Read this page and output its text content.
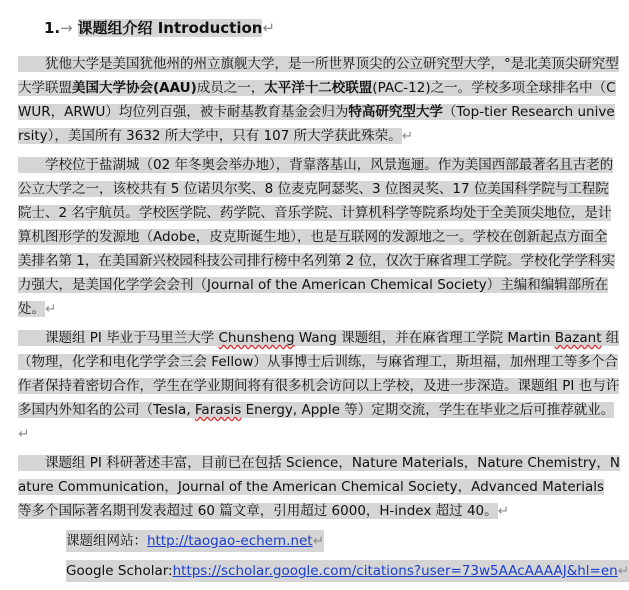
1.→ 课题组介绍 Introduction↵

　　犹他大学是美国犹他州的州立旗舰大学，是一所世界顶尖的公立研究型大学，°是北美顶尖研究型大学联盟美国大学协会(AAU)成员之一，太平洋十二校联盟(PAC-12)之一。学校多项全球排名中（CWUR，ARWU）均位列百强，被卡耐基教育基金会归为特高研究型大学（Top-tier Research university），美国所有 3632 所大学中，只有 107 所大学获此殊荣。↵

　　学校位于盐湖城（02 年冬奥会举办地），背靠落基山，风景迤逦。作为美国西部最著名且古老的公立大学之一，该校共有 5 位诺贝尔奖、8 位麦克阿瑟奖、3 位图灵奖、17 位美国科学院与工程院院士、2 名宇航员。学校医学院、药学院、音乐学院、计算机科学等院系均处于全美顶尖地位，是计算机图形学的发源地（Adobe，皮克斯诞生地），也是互联网的发源地之一。学校在创新起点方面全美排名第 1，在美国新兴校园科技公司排行榜中名列第 2 位，仅次于麻省理工学院。学校化学学科实力强大，是美国化学学会会刊（Journal of the American Chemical Society）主编和编辑部所在处。↵

　　课题组 PI 毕业于马里兰大学 Chunsheng Wang 课题组，并在麻省理工学院 Martin Bazant 组（物理，化学和电化学学会三会 Fellow）从事博士后训练，与麻省理工，斯坦福，加州理工等多个合作者保持着密切合作，学生在学业期间将有很多机会访问以上学校，及进一步深造。课题组 PI 也与许多国内外知名的公司（Tesla, Farasis Energy, Apple 等）定期交流，学生在毕业之后可推荐就业。↵

　　课题组 PI 科研著述丰富，目前已在包括 Science，Nature Materials，Nature Chemistry，Nature Communication，Journal of the American Chemical Society，Advanced Materials 等多个国际著名期刊发表超过 60 篇文章，引用超过 6000，H-index 超过 40。↵

课题组网站：http://taogao-echem.net↵
Google Scholar:https://scholar.google.com/citations?user=73w5AAcAAAAJ&hl=en↵
